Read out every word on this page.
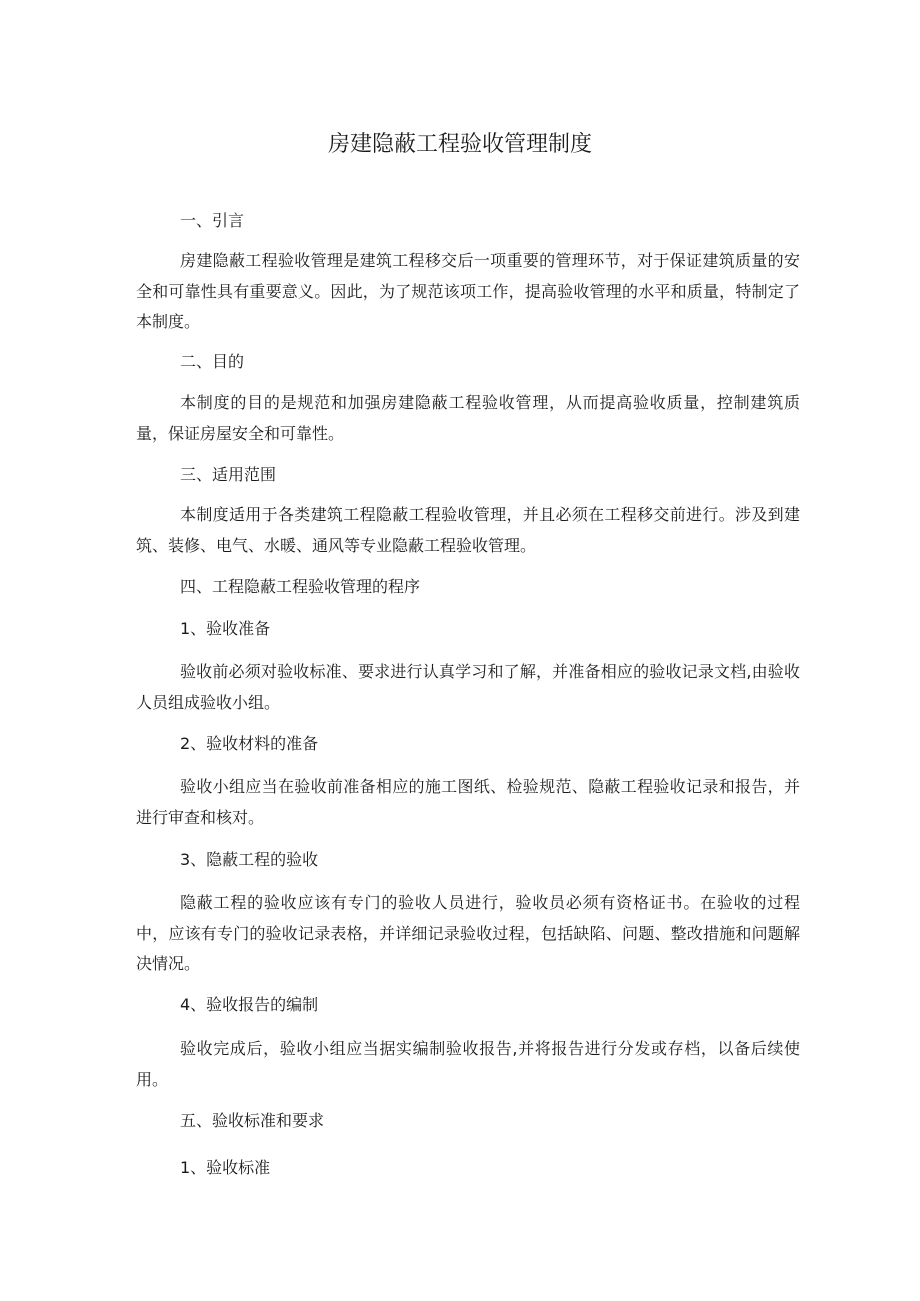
房建隐蔽工程验收管理制度
一、引言
房建隐蔽工程验收管理是建筑工程移交后一项重要的管理环节，对于保证建筑质量的安全和可靠性具有重要意义。因此，为了规范该项工作，提高验收管理的水平和质量，特制定了本制度。
二、目的
本制度的目的是规范和加强房建隐蔽工程验收管理，从而提高验收质量，控制建筑质量，保证房屋安全和可靠性。
三、适用范围
本制度适用于各类建筑工程隐蔽工程验收管理，并且必须在工程移交前进行。涉及到建筑、装修、电气、水暖、通风等专业隐蔽工程验收管理。
四、工程隐蔽工程验收管理的程序
1、验收准备
验收前必须对验收标准、要求进行认真学习和了解，并准备相应的验收记录文档,由验收人员组成验收小组。
2、验收材料的准备
验收小组应当在验收前准备相应的施工图纸、检验规范、隐蔽工程验收记录和报告，并进行审查和核对。
3、隐蔽工程的验收
隐蔽工程的验收应该有专门的验收人员进行，验收员必须有资格证书。在验收的过程中，应该有专门的验收记录表格，并详细记录验收过程，包括缺陷、问题、整改措施和问题解决情况。
4、验收报告的编制
验收完成后，验收小组应当据实编制验收报告,并将报告进行分发或存档，以备后续使用。
五、验收标准和要求
1、验收标准
